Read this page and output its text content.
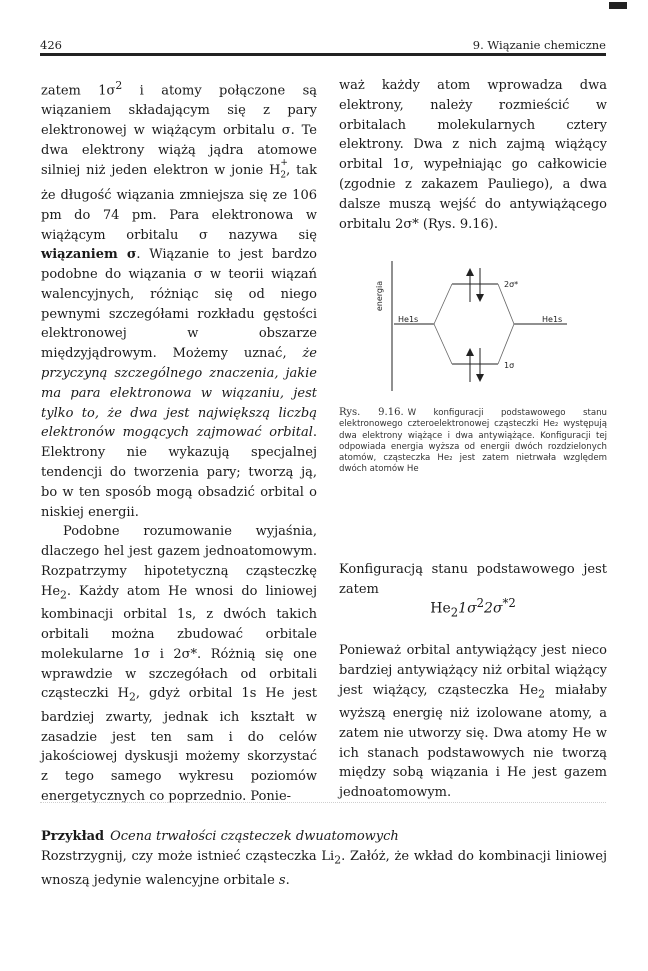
426	9. Wiązanie chemiczne

zatem $1\sigma^2$ i atomy połączone są wiązaniem składającym się z pary elektronowej w wiążącym orbitalu σ. Te dwa elektrony wiążą jądra atomowe silniej niż jeden elektron w jonie H +
$_2$, tak że długość wiązania zmniejsza się ze 106 pm do 74 pm. Para elektronowa w wiążącym orbitalu σ nazywa się wiązaniem σ. Wiązanie to jest bardzo podobne do wiązania σ w teorii wiązań walencyjnych, różniąc się od niego pewnymi szczegółami rozkładu gęstości elektronowej w obszarze międzyjądrowym. Możemy uznać, że przyczyną szczególnego znaczenia, jakie ma para elektronowa w wiązaniu, jest tylko to, że dwa jest największą liczbą elektronów mogących zajmować orbital. Elektrony nie wykazują specjalnej tendencji do tworzenia pary; tworzą ją, bo w ten sposób mogą obsadzić orbital o niskiej energii.

Podobne rozumowanie wyjaśnia, dlaczego hel jest gazem jednoatomowym. Rozpatrzymy hipotetyczną cząsteczkę $He_2$. Każdy atom He wnosi do liniowej kombinacji orbital 1s, z dwóch takich orbitali można zbudować orbitale molekularne 1σ i 2σ*. Różnią się one wprawdzie w szczegółach od orbitali cząsteczki $H_2$, gdyż orbital 1s He jest bardziej zwarty, jednak ich kształt w zasadzie jest ten sam i do celów jakościowej dyskusji możemy skorzystać z tego samego wykresu poziomów energetycznych co poprzednio. Ponie-

waż każdy atom wprowadza dwa elektrony, należy rozmieścić w orbitalach molekularnych cztery elektrony. Dwa z nich zajmą wiążący orbital 1σ, wypełniając go całkowicie (zgodnie z zakazem Pauliego), a dwa dalsze muszą wejść do antywiążącego orbitalu 2σ* (Rys. 9.16).

energia
He1s	He1s
2σ*
1σ
Rys. 9.16. W konfiguracji podstawowego stanu elektronowego czteroelektronowej cząsteczki He₂ występują dwa elektrony wiążące i dwa antywiążące. Konfiguracji tej odpowiada energia wyższa od energii dwóch rozdzielonych atomów, cząsteczka He₂ jest zatem nietrwała względem dwóch atomów He

Konfiguracją stanu podstawowego jest zatem

$He_21\sigma^22\sigma^{*2}$

Ponieważ orbital antywiążący jest nieco bardziej antywiążący niż orbital wiążący jest wiążący, cząsteczka $He_2$ miałaby wyższą energię niż izolowane atomy, a zatem nie utworzy się. Dwa atomy He w ich stanach podstawowych nie tworzą między sobą wiązania i He jest gazem jednoatomowym.

Przykład Ocena trwałości cząsteczek dwuatomowych

Rozstrzygnij, czy może istnieć cząsteczka $Li_2$. Załóż, że wkład do kombinacji liniowej wnoszą jedynie walencyjne orbitale s.
